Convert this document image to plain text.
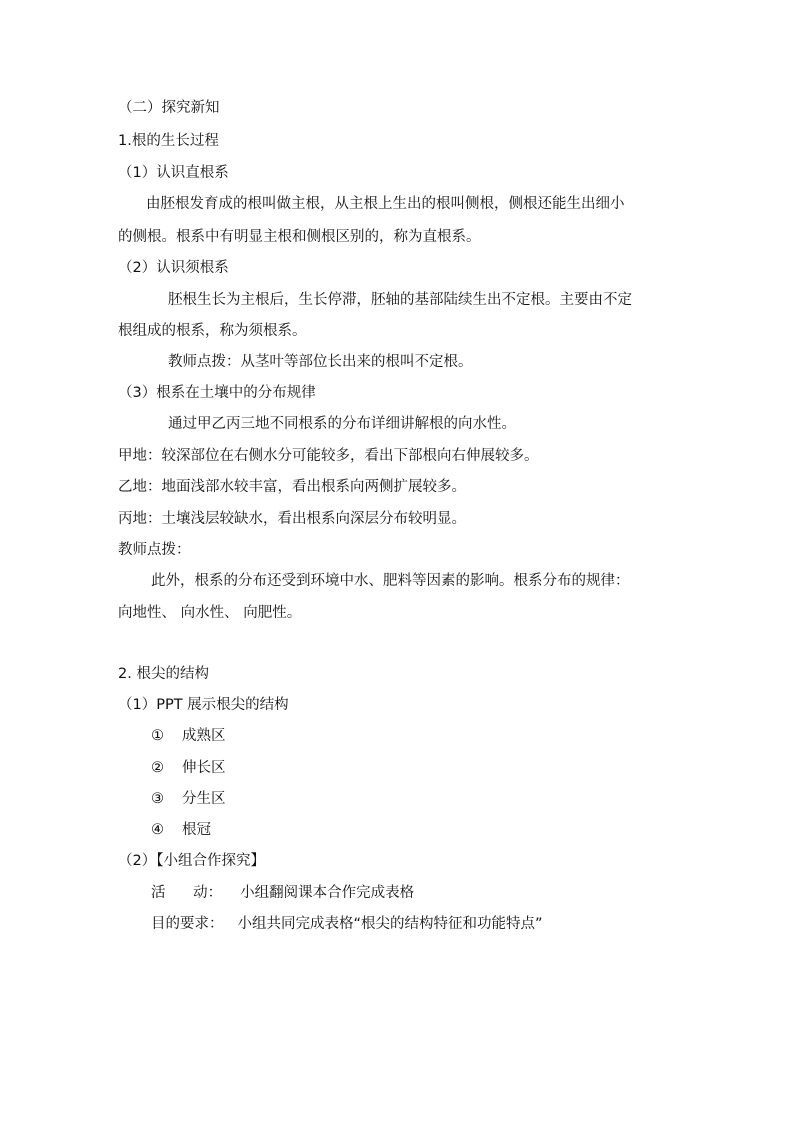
（二）探究新知
1.根的生长过程
（1）认识直根系
由胚根发育成的根叫做主根，从主根上生出的根叫侧根，侧根还能生出细小
的侧根。根系中有明显主根和侧根区别的，称为直根系。
（2）认识须根系
胚根生长为主根后，生长停滞，胚轴的基部陆续生出不定根。主要由不定
根组成的根系，称为须根系。
教师点拨：从茎叶等部位长出来的根叫不定根。
（3）根系在土壤中的分布规律
通过甲乙丙三地不同根系的分布详细讲解根的向水性。
甲地：较深部位在右侧水分可能较多，看出下部根向右伸展较多。
乙地：地面浅部水较丰富，看出根系向两侧扩展较多。
丙地：土壤浅层较缺水，看出根系向深层分布较明显。
教师点拨：
此外，根系的分布还受到环境中水、肥料等因素的影响。根系分布的规律：
向地性、 向水性、 向肥性。
2. 根尖的结构
（1）PPT 展示根尖的结构
① 成熟区
② 伸长区
③ 分生区
④ 根冠
（2）【小组合作探究】
活      动： 小组翻阅课本合作完成表格
目的要求： 小组共同完成表格“根尖的结构特征和功能特点”
